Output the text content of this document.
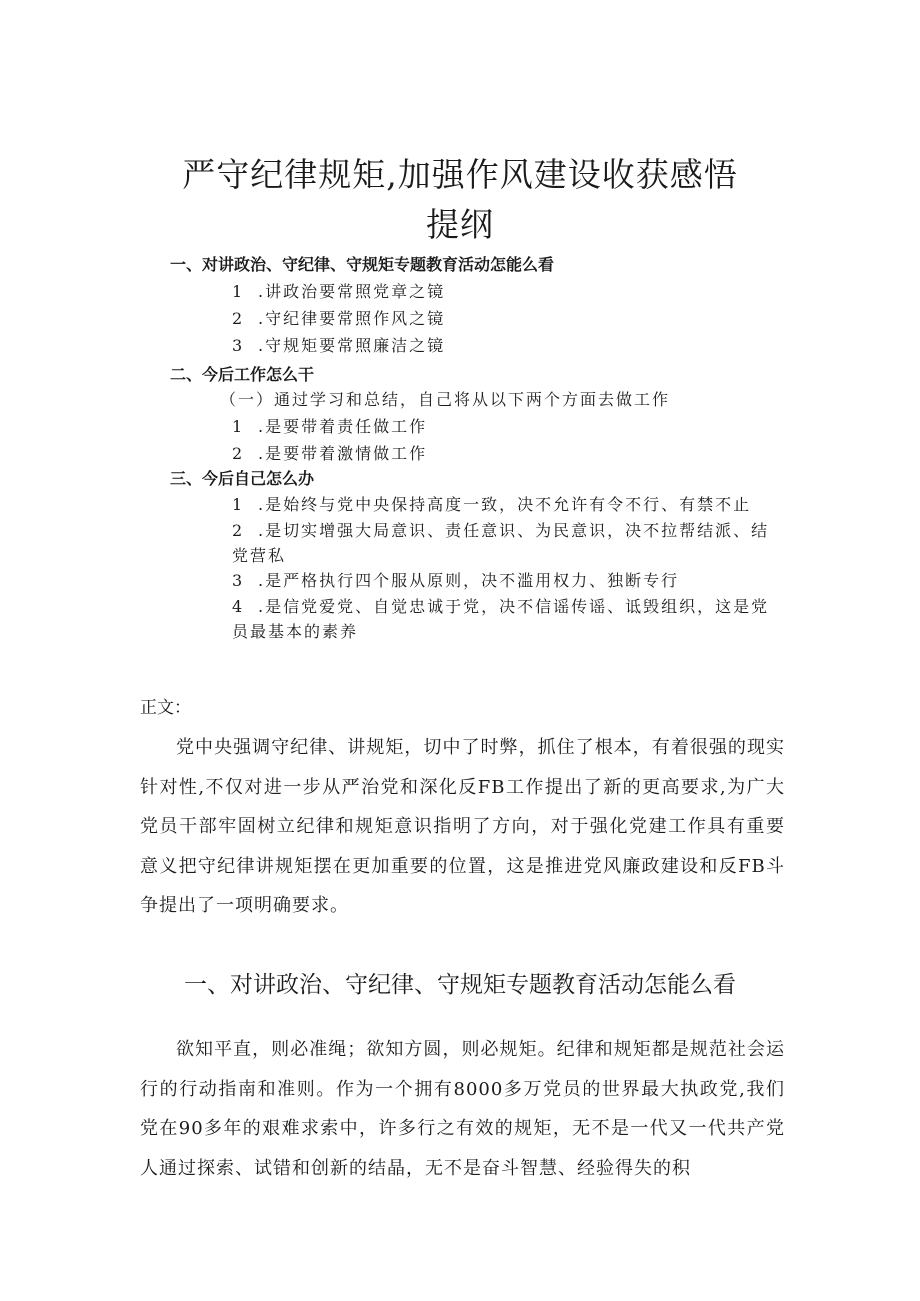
严守纪律规矩,加强作风建设收获感悟
提纲
一、对讲政治、守纪律、守规矩专题教育活动怎能么看
1 .讲政治要常照党章之镜
2 .守纪律要常照作风之镜
3 .守规矩要常照廉洁之镜
二、今后工作怎么干
（一）通过学习和总结，自己将从以下两个方面去做工作
1 .是要带着责任做工作
2 .是要带着激情做工作
三、今后自己怎么办
1 .是始终与党中央保持高度一致，决不允许有令不行、有禁不止
2 .是切实增强大局意识、责任意识、为民意识，决不拉帮结派、结
党营私
3 .是严格执行四个服从原则，决不滥用权力、独断专行
4 .是信党爱党、自觉忠诚于党，决不信谣传谣、诋毁组织，这是党
员最基本的素养
正文：

党中央强调守纪律、讲规矩，切中了时弊，抓住了根本，有着很强的现实针对性,不仅对进一步从严治党和深化反FB工作提出了新的更高要求,为广大党员干部牢固树立纪律和规矩意识指明了方向，对于强化党建工作具有重要意义把守纪律讲规矩摆在更加重要的位置，这是推进党风廉政建设和反FB斗争提出了一项明确要求。

一、对讲政治、守纪律、守规矩专题教育活动怎能么看

欲知平直，则必准绳；欲知方圆，则必规矩。纪律和规矩都是规范社会运行的行动指南和准则。作为一个拥有8000多万党员的世界最大执政党,我们党在90多年的艰难求索中，许多行之有效的规矩，无不是一代又一代共产党人通过探索、试错和创新的结晶，无不是奋斗智慧、经验得失的积
